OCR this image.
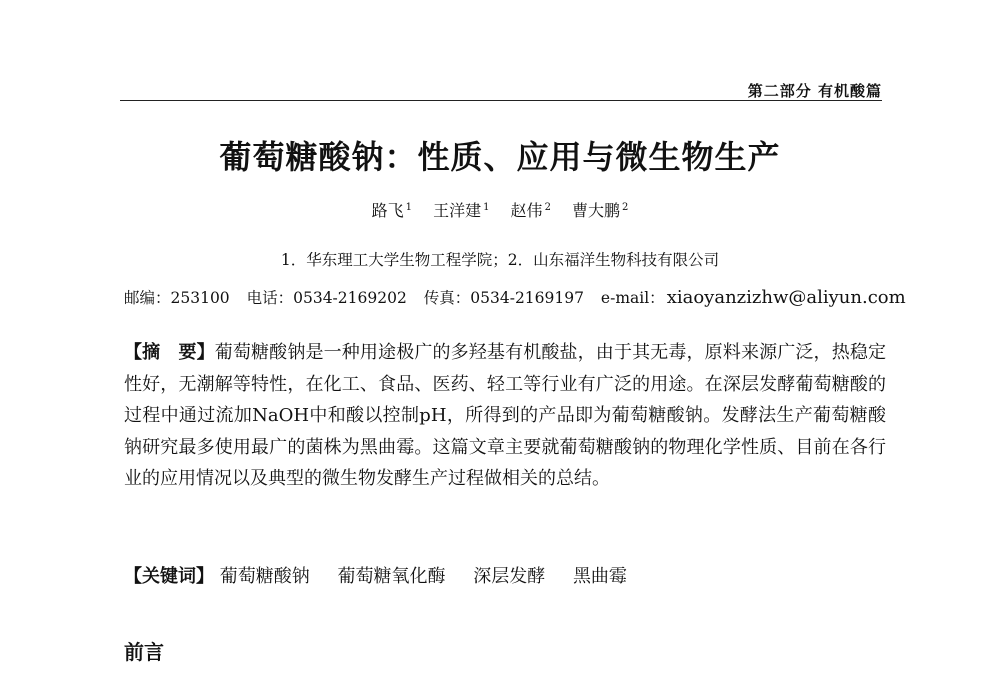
第二部分 有机酸篇
葡萄糖酸钠：性质、应用与微生物生产
路飞 $^1$ 王洋建 $^1$ 赵伟 $^2$ 曹大鹏 $^2$
1．华东理工大学生物工程学院；2．山东福洋生物科技有限公司
邮编：253100 电话：0534-2169202 传真：0534-2169197 e-mail： xiaoyanzizhw@aliyun.com

【摘　要】葡萄糖酸钠是一种用途极广的多羟基有机酸盐，由于其无毒，原料来源广泛，热稳定性好，无潮解等特性，在化工、食品、医药、轻工等行业有广泛的用途。在深层发酵葡萄糖酸的过程中通过流加NaOH中和酸以控制pH，所得到的产品即为葡萄糖酸钠。发酵法生产葡萄糖酸钠研究最多使用最广的菌株为黑曲霉。这篇文章主要就葡萄糖酸钠的物理化学性质、目前在各行业的应用情况以及典型的微生物发酵生产过程做相关的总结。

【关键词】 葡萄糖酸钠 葡萄糖氧化酶 深层发酵 黑曲霉
前言
